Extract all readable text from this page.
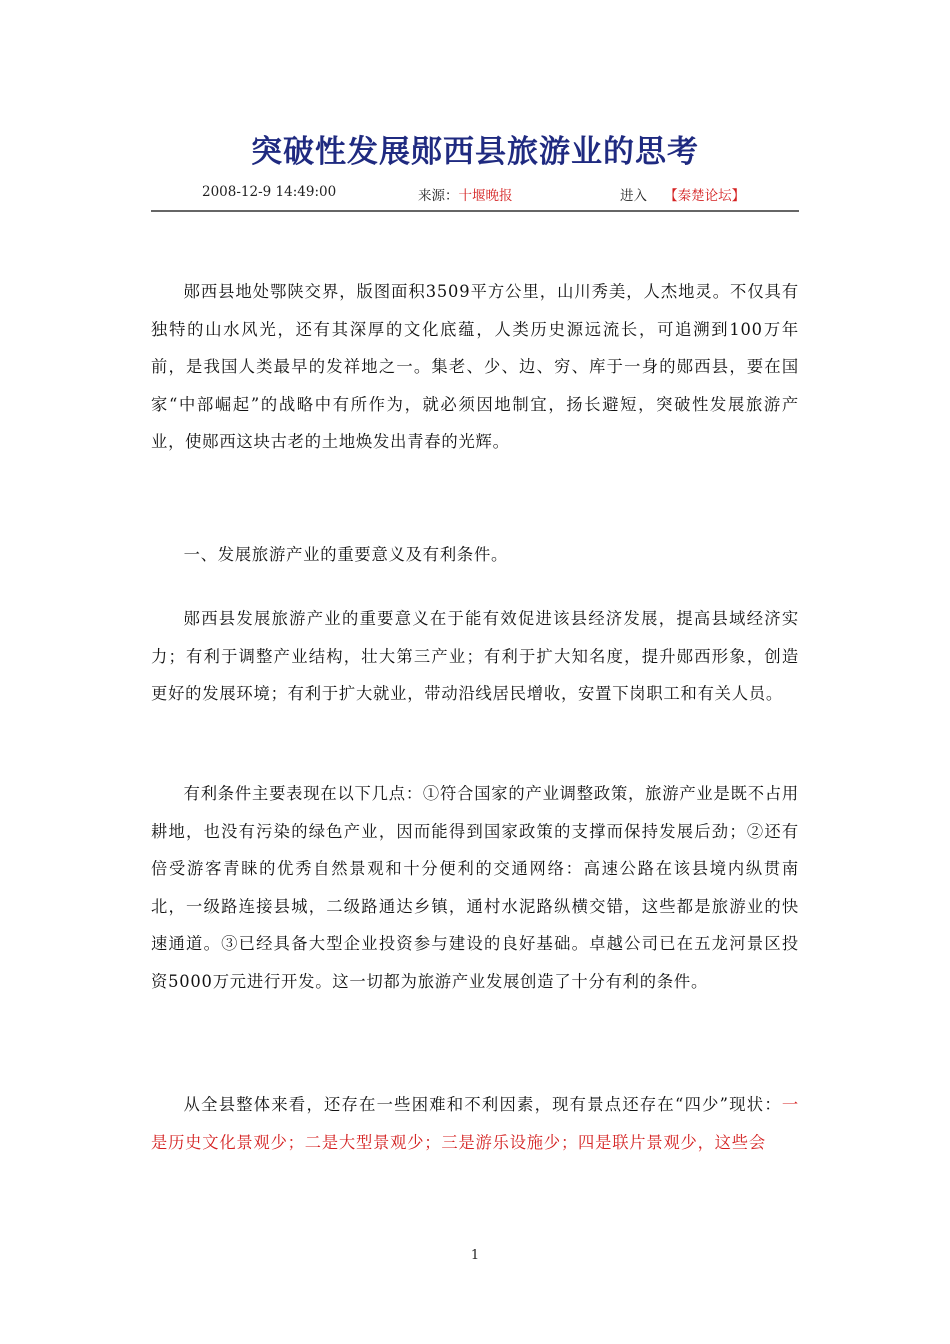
突破性发展郧西县旅游业的思考
2008-12-9 14:49:00	来源：十堰晚报	进入 【秦楚论坛】

郧西县地处鄂陕交界，版图面积3509平方公里，山川秀美，人杰地灵。不仅具有独特的山水风光，还有其深厚的文化底蕴，人类历史源远流长，可追溯到100万年前，是我国人类最早的发祥地之一。集老、少、边、穷、库于一身的郧西县，要在国家“中部崛起”的战略中有所作为，就必须因地制宜，扬长避短，突破性发展旅游产业，使郧西这块古老的土地焕发出青春的光辉。

一、发展旅游产业的重要意义及有利条件。

郧西县发展旅游产业的重要意义在于能有效促进该县经济发展，提高县域经济实力；有利于调整产业结构，壮大第三产业；有利于扩大知名度，提升郧西形象，创造更好的发展环境；有利于扩大就业，带动沿线居民增收，安置下岗职工和有关人员。

有利条件主要表现在以下几点：①符合国家的产业调整政策，旅游产业是既不占用耕地，也没有污染的绿色产业，因而能得到国家政策的支撑而保持发展后劲；②还有倍受游客青睐的优秀自然景观和十分便利的交通网络：高速公路在该县境内纵贯南北，一级路连接县城，二级路通达乡镇，通村水泥路纵横交错，这些都是旅游业的快速通道。③已经具备大型企业投资参与建设的良好基础。卓越公司已在五龙河景区投资5000万元进行开发。这一切都为旅游产业发展创造了十分有利的条件。

从全县整体来看，还存在一些困难和不利因素，现有景点还存在“四少”现状：一是历史文化景观少；二是大型景观少；三是游乐设施少；四是联片景观少，这些会

1
